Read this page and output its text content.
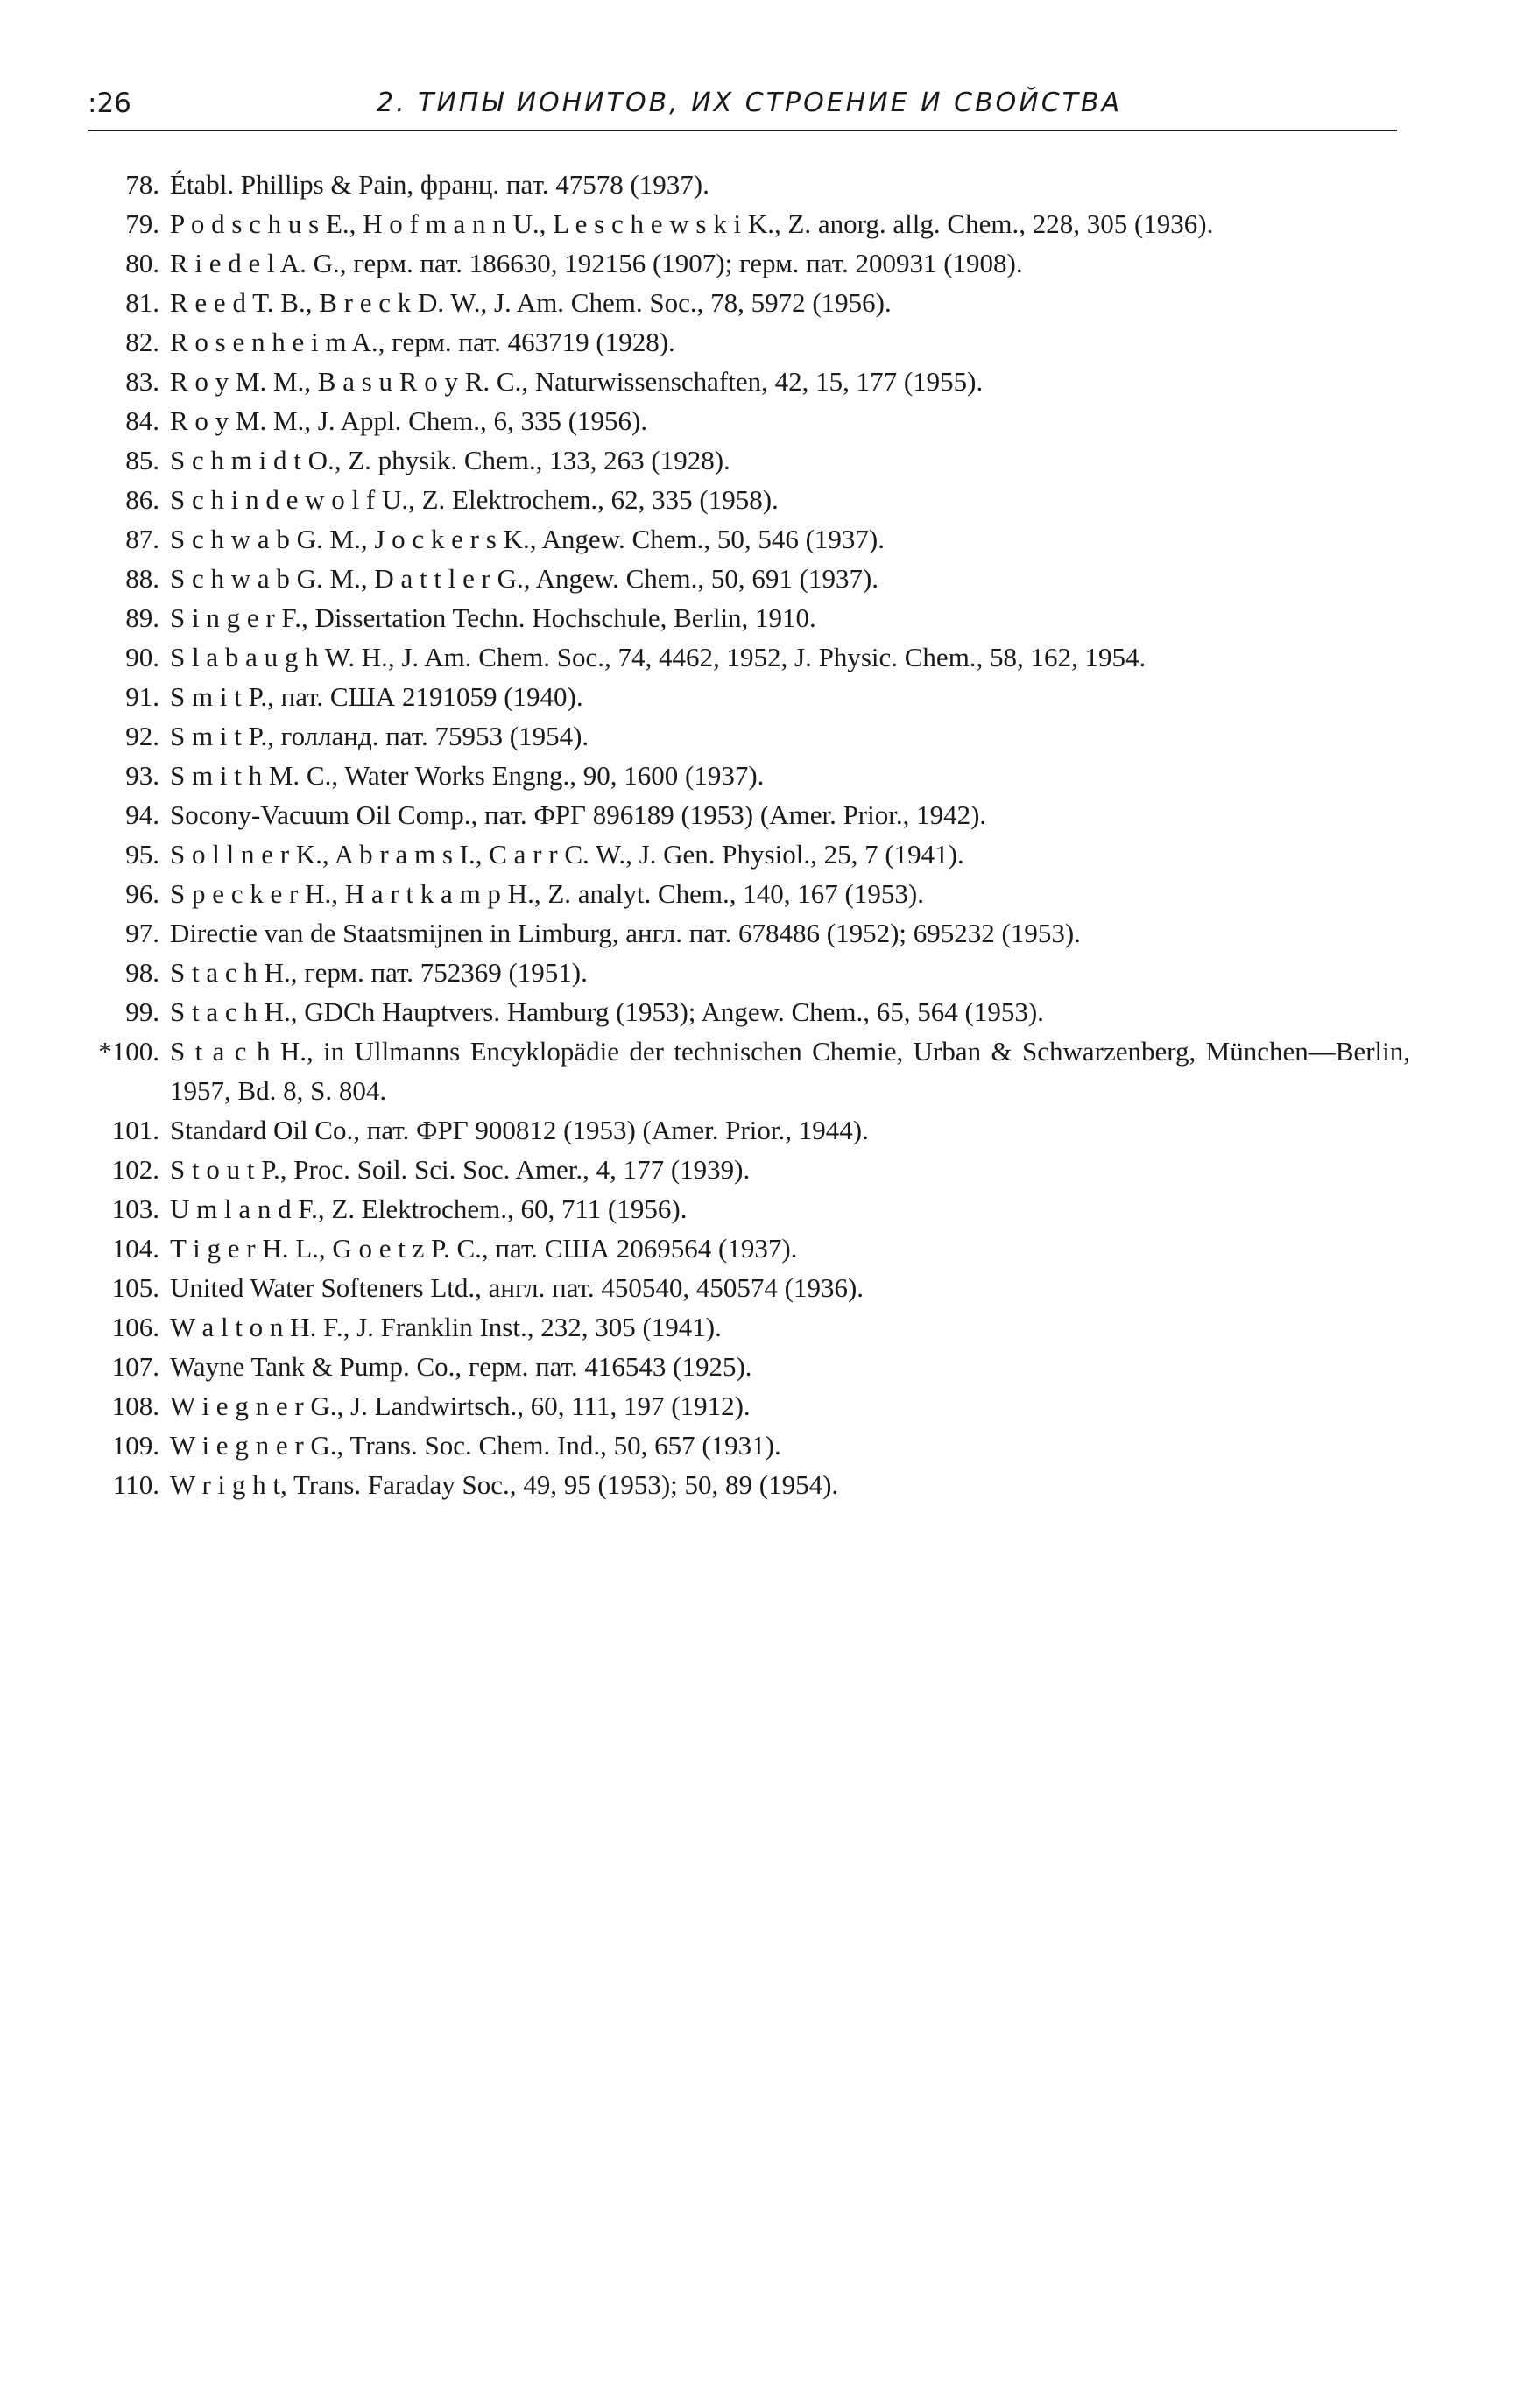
:26	2. ТИПЫ ИОНИТОВ, ИХ СТРОЕНИЕ И СВОЙСТВА
78. Établ. Phillips & Pain, франц. пат. 47578 (1937).
79. P o d s c h u s E., H o f m a n n U., L e s c h e w s k i K., Z. anorg. allg. Chem., 228, 305 (1936).
80. R i e d e l A. G., герм. пат. 186630, 192156 (1907); герм. пат. 200931 (1908).
81. R e e d T. B., B r e c k D. W., J. Am. Chem. Soc., 78, 5972 (1956).
82. R o s e n h e i m A., герм. пат. 463719 (1928).
83. R o y M. M., B a s u R o y R. C., Naturwissenschaften, 42, 15, 177 (1955).
84. R o y M. M., J. Appl. Chem., 6, 335 (1956).
85. S c h m i d t O., Z. physik. Chem., 133, 263 (1928).
86. S c h i n d e w o l f U., Z. Elektrochem., 62, 335 (1958).
87. S c h w a b G. M., J o c k e r s K., Angew. Chem., 50, 546 (1937).
88. S c h w a b G. M., D a t t l e r G., Angew. Chem., 50, 691 (1937).
89. S i n g e r F., Dissertation Techn. Hochschule, Berlin, 1910.
90. S l a b a u g h W. H., J. Am. Chem. Soc., 74, 4462, 1952, J. Physic. Chem., 58, 162, 1954.
91. S m i t P., пат. США 2191059 (1940).
92. S m i t P., голланд. пат. 75953 (1954).
93. S m i t h M. C., Water Works Engng., 90, 1600 (1937).
94. Socony-Vacuum Oil Comp., пат. ФРГ 896189 (1953) (Amer. Prior., 1942).
95. S o l l n e r K., A b r a m s I., C a r r C. W., J. Gen. Physiol., 25, 7 (1941).
96. S p e c k e r H., H a r t k a m p H., Z. analyt. Chem., 140, 167 (1953).
97. Directie van de Staatsmijnen in Limburg, англ. пат. 678486 (1952); 695232 (1953).
98. S t a c h H., герм. пат. 752369 (1951).
99. S t a c h H., GDCh Hauptvers. Hamburg (1953); Angew. Chem., 65, 564 (1953).
*100. S t a c h H., in Ullmanns Encyklopädie der technischen Chemie, Urban & Schwarzenberg, München—Berlin, 1957, Bd. 8, S. 804.
101. Standard Oil Co., пат. ФРГ 900812 (1953) (Amer. Prior., 1944).
102. S t o u t P., Proc. Soil. Sci. Soc. Amer., 4, 177 (1939).
103. U m l a n d F., Z. Elektrochem., 60, 711 (1956).
104. T i g e r H. L., G o e t z P. C., пат. США 2069564 (1937).
105. United Water Softeners Ltd., англ. пат. 450540, 450574 (1936).
106. W a l t o n H. F., J. Franklin Inst., 232, 305 (1941).
107. Wayne Tank & Pump. Co., герм. пат. 416543 (1925).
108. W i e g n e r G., J. Landwirtsch., 60, 111, 197 (1912).
109. W i e g n e r G., Trans. Soc. Chem. Ind., 50, 657 (1931).
110. W r i g h t, Trans. Faraday Soc., 49, 95 (1953); 50, 89 (1954).
